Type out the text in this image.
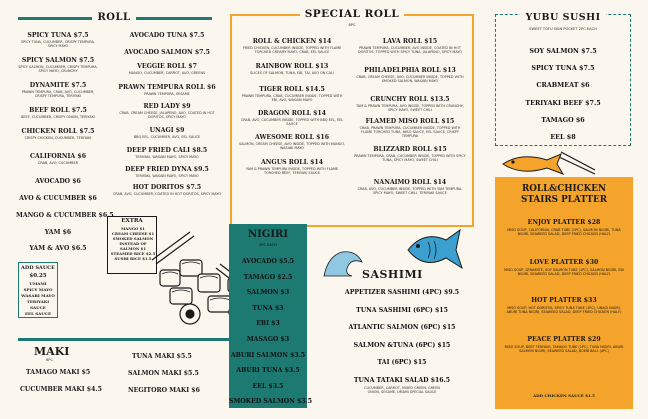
ROLL
SPICY TUNA $7.5
SPICY TUNA, CUCUMBER, CRISPY TEMPURA, SPICY MAYO
SPICY SALMON $7.5
SPICY SALMON, CUCUMBER, CRISPY TEMPURA, SPICY MAYO, CRUNCHY
DYNAMITE $7.5
PRAWN TEMPURA, CRAB, AVO, CUCUMBER, CRISPY TEMPURA, TERIYAKI
BEEF ROLL $7.5
BEEF, CUCUMBER, CRISPY ONION, TERIYAKI
CHICKEN ROLL $7.5
CRISPY CHICKEN, CUCUMBER, TERIYAKI
CALIFORNIA $6
CRAB, AVO, CUCUMBER
AVOCADO $6
AVO & CUCUMBER $6
MANGO & CUCUMBER $6.5
YAM $6
YAM & AVO $6.5
AVOCADO TUNA $7.5
AVOCADO SALMON $7.5
VEGGIE ROLL $7
MANGO, CUCUMBER, CARROT, AVO, GREENS
PRAWN TEMPURA ROLL $6
PRAWN TEMPURA, SESAME
RED LADY $9
CRAB, CREAM CHEESE, JALAPENO, AVO, COATED IN HOT DORITOS, SPICY MAYO
UNAGI $9
BBQ EEL, CUCUMBER, AVO, EEL SAUCE
DEEP FRIED CALI $8.5
TERIYAKI, WASABI MAYO, SPICY MAYO
DEEP FRIED DYNA $9.5
TERIYAKI, WASABI MAYO, SPICY MAYO
HOT DORITOS $7.5
CRAB, AVO, CUCUMBER, COATED IN HOT DORITOS, SPICY MAYO
ADD SAUCE
$0.25
UMAMI
SPICY MAYO
WASABI MAYO
TERIYAKI SAUCE
EEL SAUCE
EXTRA
MANGO $1
CREAM CHEESE $1
SMOKED SALMON INSTEAD OF SALMON $1
STEAMED RICE $2.5
SUSHI RICE $1.5
MAKI
6PC
TAMAGO MAKI $5
CUCUMBER MAKI $4.5
TUNA MAKI $5.5
SALMON MAKI $5.5
NEGITORO MAKI $6
SPECIAL ROLL
8PC
ROLL & CHICKEN $14
FRIED CHICKEN, CUCUMBER INSIDE, TOPPED WITH FLAME TORCHED CREAMY MAYO, CRAB, EEL SAUCE
RAINBOW ROLL $13
SLICES OF SALMON, TUNA, EBI, TAI, AVO ON CALI
TIGER ROLL $14.5
PRAWN TEMPURA, CRAB, CUCUMBER INSIDE, TOPPED WITH EBI, AVO, WASABI MAYO
DRAGON ROLL $14
CRAB, AVO, CUCUMBER INSIDE, TOPPED WITH BBQ EEL, EEL SAUCE
AWESOME ROLL $16
SALMON, CREAM CHEESE, AVO INSIDE, TOPPED WITH MANGO, WASABI MAYO
ANGUS ROLL $14
YAM & PRAWN TEMPURA INSIDE, TOPPED WITH FLAME TORCHED BEEF, TERIYAKI SAUCE
LAVA ROLL $15
PRAWN TEMPURA, CUCUMBER, AVO INSIDE, COATED IN HOT DORITOS, TOPPED WITH SPICY TUNA, JALAPENO, SPICY MAYO
PHILADELPHIA ROLL $13
CRAB, CREAM CHEESE, AVO, CUCUMBER INSIDE, TOPPED WITH SMOKED SALMON, WASABI MAYO
CRUNCHY ROLL $13.5
TAM & PRAWN TEMPURA, AVO INSIDE, TOPPED WITH CRUNCHY, SPICY MAYO, SWEET CHILI
FLAMED MISO ROLL $15
CRAB, PRAWN TEMPURA, CUCUMBER INSIDE, TOPPED WITH FLAME TORCHED TUNA, MISO SAUCE, EEL SAUCE, CRISPY TEMPURA
BLIZZARD ROLL $15
PRAWN TEMPURA, CRAB, CUCUMBER INSIDE, TOPPED WITH SPICY TUNA, SPICY MAYO, SWEET CHILI
NANAIMO ROLL $14
CRAB, AVO, CUCUMBER INSIDE, TOPPED WITH YAM TEMPURA, SPICY MAYO, SWEET CHILI, TERIYAKI SAUCE
NIGIRI
2PC EACH
AVOCADO $5.5
TAMAGO $2.5
SALMON $3
TUNA $3
EBI $3
MASAGO $3
ABURI SALMON $3.5
ABURI TUNA $3.5
EEL $3.5
SMOKED SALMON $3.5
SASHIMI
APPETIZER SASHIMI (4PC) $9.5
TUNA SASHIMI (6PC) $15
ATLANTIC SALMON (6PC) $15
SALMON &TUNA (6PC) $15
TAI (6PC) $15
TUNA TATAKI SALAD $16.5
CUCUMBER, CARROT, MIXED GREEN, GREEN ONION, SESAME, UMAMI SPECIAL SAUCE
YUBU SUSHI
SWEET TOFU SKIN POCKET 2PC EACH
SOY SALMON $7.5
SPICY TUNA $7.5
CRABMEAT $6
TERIYAKI BEEF $7.5
TAMAGO $6
EEL $8
ROLL&CHICKEN STAIRS PLATTER
ENJOY PLATTER $28
MISO SOUP, CALIFORNIA, CRAB TUBE (1PC), SALMON NIGIRI, TUNA NIGIRI, SEAWEED SALAD, DEEP FRIED CHICKEN (HALF)
LOVE PLATTER $30
MISO SOUP, DYNAMITE, SOY SALMON TUBE (1PC), SALMON NIGIRI, EBI NIGIRI, SEAWEED SALAD, DEEP FRIED CHICKEN (HALF)
HOT PLATTER $33
MISO SOUP, HOT DORITOS, SPICY TUNA TUBE (1PC), UNAGI NIGIRI, ABURI TUNA NIGIRI, SEAWEED SALAD, DEEP FRIED CHICKEN (HALF)
PEACE PLATTER $29
MISO SOUP, BEEF TERIYAKI, TAMAGO TUBE (1PC), TUNA NIGIRI, ABURI SALMON NIGIRI, SEAWEED SALAD, BOMB BALL (4PC)
ADD CHICKEN SAUCE $1.5
